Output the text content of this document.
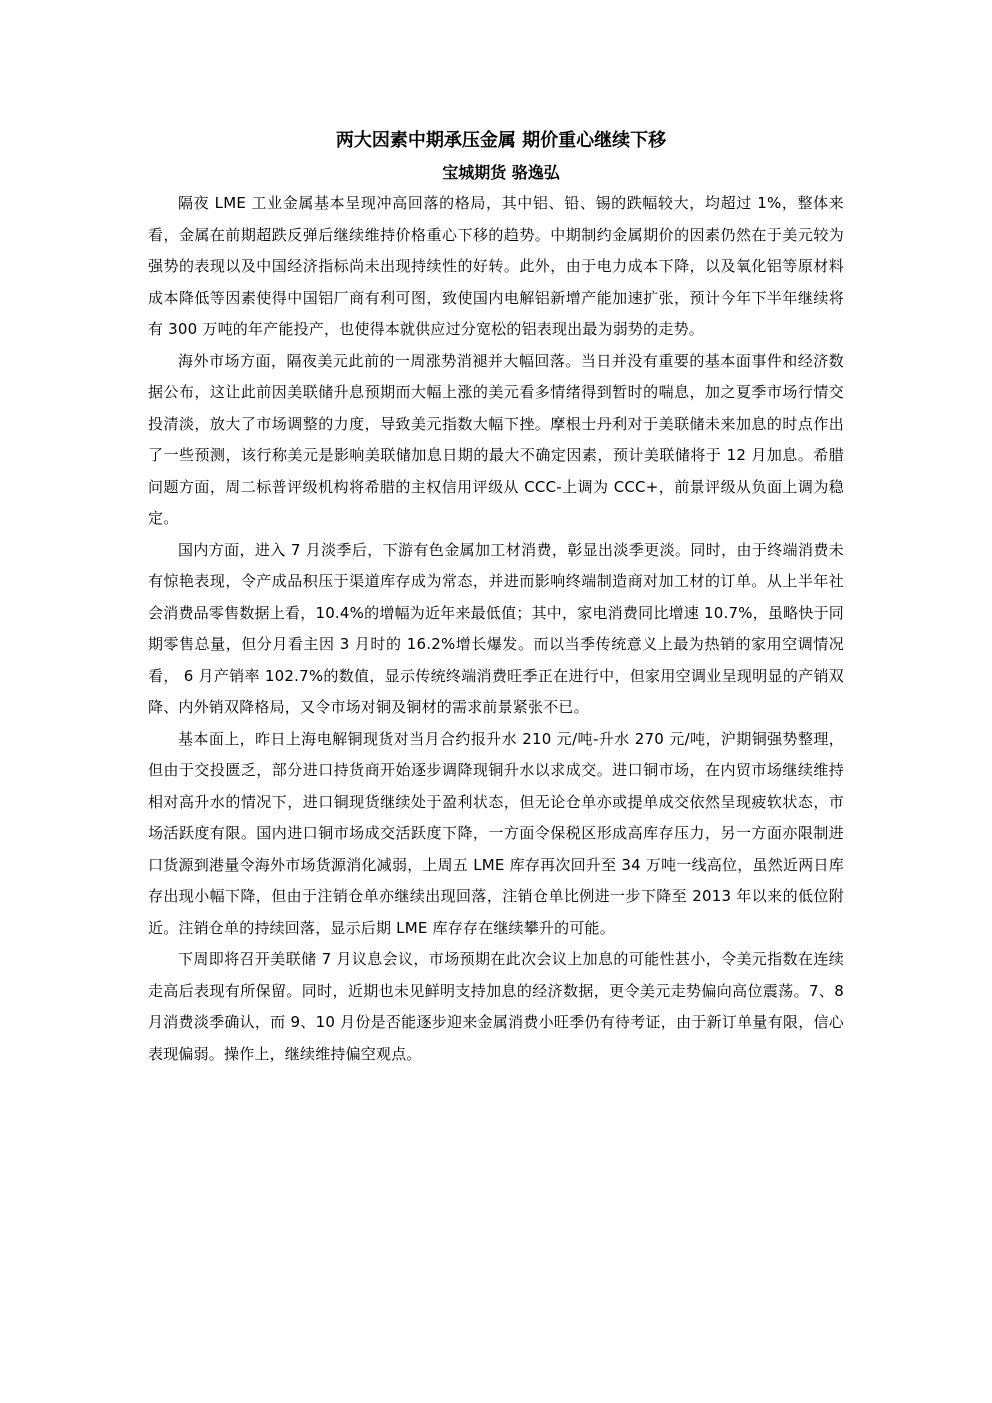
两大因素中期承压金属 期价重心继续下移
宝城期货 骆逸弘

隔夜 LME 工业金属基本呈现冲高回落的格局，其中铝、铅、锡的跌幅较大，均超过 1%，整体来看，金属在前期超跌反弹后继续维持价格重心下移的趋势。中期制约金属期价的因素仍然在于美元较为强势的表现以及中国经济指标尚未出现持续性的好转。此外，由于电力成本下降，以及氧化铝等原材料成本降低等因素使得中国铝厂商有利可图，致使国内电解铝新增产能加速扩张，预计今年下半年继续将有 300 万吨的年产能投产，也使得本就供应过分宽松的铝表现出最为弱势的走势。

海外市场方面，隔夜美元此前的一周涨势消褪并大幅回落。当日并没有重要的基本面事件和经济数据公布，这让此前因美联储升息预期而大幅上涨的美元看多情绪得到暂时的喘息，加之夏季市场行情交投清淡，放大了市场调整的力度，导致美元指数大幅下挫。摩根士丹利对于美联储未来加息的时点作出了一些预测，该行称美元是影响美联储加息日期的最大不确定因素，预计美联储将于 12 月加息。希腊问题方面，周二标普评级机构将希腊的主权信用评级从 CCC-上调为 CCC+，前景评级从负面上调为稳定。

国内方面，进入 7 月淡季后，下游有色金属加工材消费，彰显出淡季更淡。同时，由于终端消费未有惊艳表现，令产成品积压于渠道库存成为常态，并进而影响终端制造商对加工材的订单。从上半年社会消费品零售数据上看，10.4%的增幅为近年来最低值；其中，家电消费同比增速 10.7%，虽略快于同期零售总量，但分月看主因 3 月时的 16.2%增长爆发。而以当季传统意义上最为热销的家用空调情况看， 6 月产销率 102.7%的数值，显示传统终端消费旺季正在进行中，但家用空调业呈现明显的产销双降、内外销双降格局，又令市场对铜及铜材的需求前景紧张不已。

基本面上，昨日上海电解铜现货对当月合约报升水 210 元/吨-升水 270 元/吨，沪期铜强势整理，但由于交投匮乏，部分进口持货商开始逐步调降现铜升水以求成交。进口铜市场，在内贸市场继续维持相对高升水的情况下，进口铜现货继续处于盈利状态，但无论仓单亦或提单成交依然呈现疲软状态，市场活跃度有限。国内进口铜市场成交活跃度下降，一方面令保税区形成高库存压力，另一方面亦限制进口货源到港量令海外市场货源消化减弱，上周五 LME 库存再次回升至 34 万吨一线高位，虽然近两日库存出现小幅下降，但由于注销仓单亦继续出现回落，注销仓单比例进一步下降至 2013 年以来的低位附近。注销仓单的持续回落，显示后期 LME 库存存在继续攀升的可能。

下周即将召开美联储 7 月议息会议，市场预期在此次会议上加息的可能性甚小，令美元指数在连续走高后表现有所保留。同时，近期也未见鲜明支持加息的经济数据，更令美元走势偏向高位震荡。7、8 月消费淡季确认，而 9、10 月份是否能逐步迎来金属消费小旺季仍有待考证，由于新订单量有限，信心表现偏弱。操作上，继续维持偏空观点。
